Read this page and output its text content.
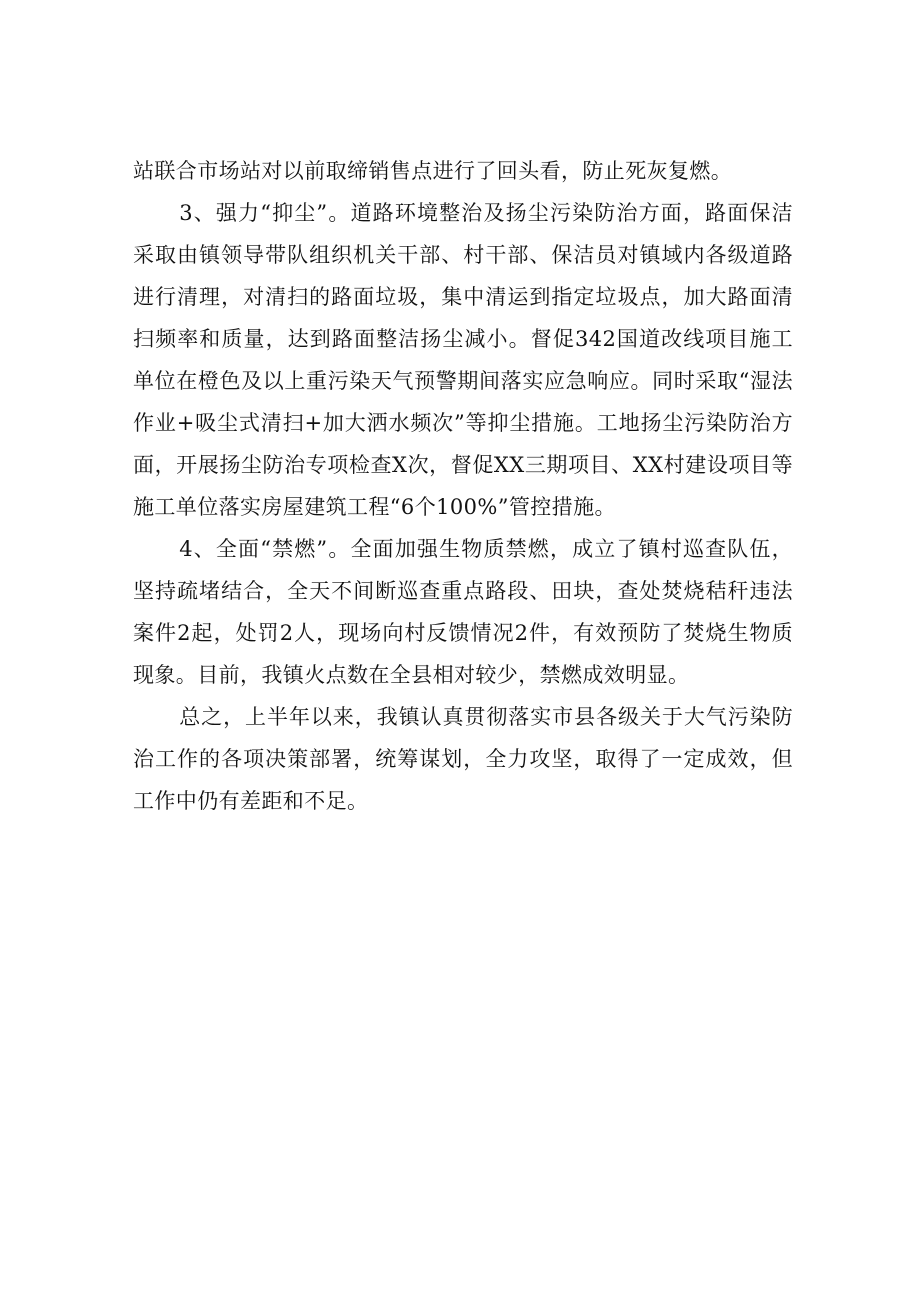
站联合市场站对以前取缔销售点进行了回头看，防止死灰复燃。

3、强力“抑尘”。道路环境整治及扬尘污染防治方面，路面保洁采取由镇领导带队组织机关干部、村干部、保洁员对镇域内各级道路进行清理，对清扫的路面垃圾，集中清运到指定垃圾点，加大路面清扫频率和质量，达到路面整洁扬尘减小。督促342国道改线项目施工单位在橙色及以上重污染天气预警期间落实应急响应。同时采取“湿法作业+吸尘式清扫+加大洒水频次”等抑尘措施。工地扬尘污染防治方面，开展扬尘防治专项检查X次，督促XX三期项目、XX村建设项目等施工单位落实房屋建筑工程“6个100%”管控措施。

4、全面“禁燃”。全面加强生物质禁燃，成立了镇村巡查队伍，坚持疏堵结合，全天不间断巡查重点路段、田块，查处焚烧秸秆违法案件2起，处罚2人，现场向村反馈情况2件，有效预防了焚烧生物质现象。目前，我镇火点数在全县相对较少，禁燃成效明显。

总之，上半年以来，我镇认真贯彻落实市县各级关于大气污染防治工作的各项决策部署，统筹谋划，全力攻坚，取得了一定成效，但工作中仍有差距和不足。
